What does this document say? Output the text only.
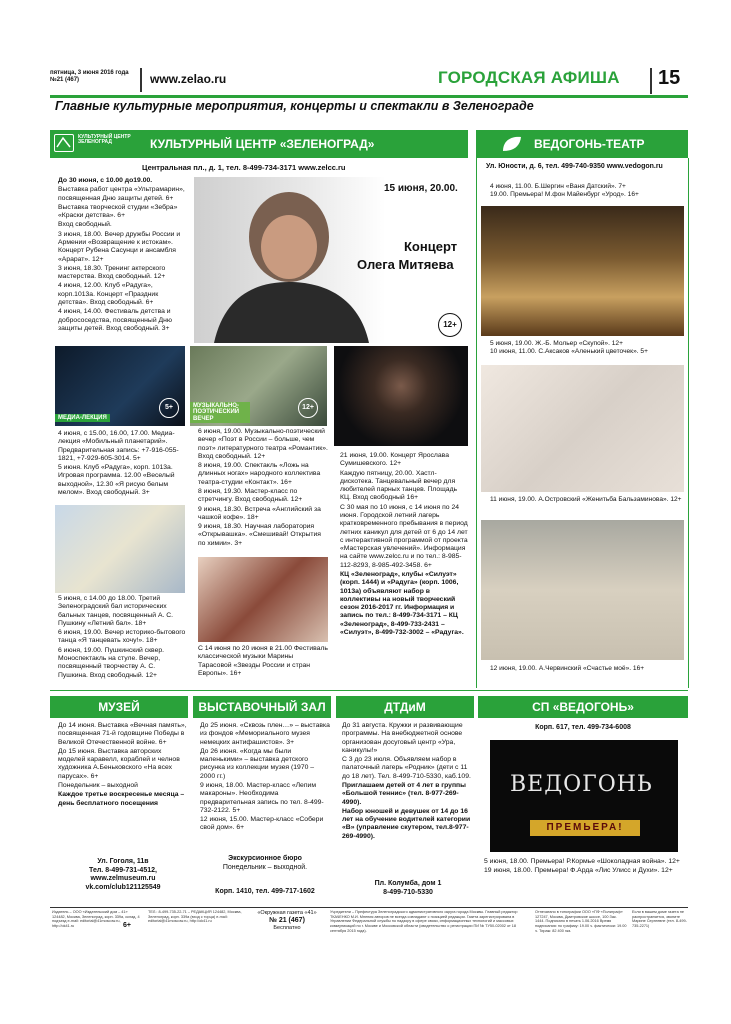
пятница, 3 июня 2016 года
№21 (467)	www.zelao.ru	ГОРОДСКАЯ АФИША 15
Главные культурные мероприятия, концерты и спектакли в Зеленограде
КУЛЬТУРНЫЙ ЦЕНТР ЗЕЛЕНОГРАД	КУЛЬТУРНЫЙ ЦЕНТР «ЗЕЛЕНОГРАД»	ВЕДОГОНЬ-ТЕАТР
Центральная пл., д. 1, тел. 8-499-734-3171 www.zelcc.ru	Ул. Юности, д. 6, тел. 499-740-9350 www.vedogon.ru

До 30 июня, с 10.00 до19.00.

Выставка работ центра «Ультрамарин», посвященная Дню защиты детей. 6+

Выставка творческой студии «Зебра» «Краски детства». 6+

Вход свободный.

3 июня, 18.00. Вечер дружбы России и Армении «Возвращение к истокам». Концерт Рубена Сасунци и ансамбля «Арарат». 12+

3 июня, 18.30. Тренинг актерского мастерства. Вход свободный. 12+

4 июня, 12.00. Клуб «Радуга», корп.1013а. Концерт «Праздник детства». Вход свободный. 6+

4 июня, 14.00. Фестиваль детства и добрососедства, посвященный Дню защиты детей. Вход свободный. 3+

15 июня, 20.00.
Концерт
Олега Митяева
12+
МЕДИА-ЛЕКЦИЯ
5+	МУЗЫКАЛЬНО-ПОЭТИЧЕСКИЙ ВЕЧЕР
12+

4 июня, с 15.00, 16.00, 17.00. Медиа-лекция «Мобильный планетарий». Предварительная запись: +7-916-055-1821, +7-929-605-3014. 5+

5 июня. Клуб «Радуга», корп. 1013а. Игровая программа. 12.00 «Веселый выходной», 12.30 «Я рисую белым мелом». Вход свободный. 3+

5 июня, с 14.00 до 18.00. Третий Зеленоградский бал исторических бальных танцев, посвященный А. С. Пушкину «Летний бал». 18+

6 июня, 19.00. Вечер историко-бытового танца «Я танцевать хочу!». 18+

6 июня, 19.00. Пушкинский сквер. Моноспектакль на стуле. Вечер, посвященный творчеству А. С. Пушкина. Вход свободный. 12+

6 июня, 19.00. Музыкально-поэтический вечер «Поэт в России – больше, чем поэт» литературного театра «Романтик». Вход свободный. 12+

8 июня, 19.00. Спектакль «Ложь на длинных ногах» народного коллектива театра-студии «Контакт». 16+

8 июня, 19.30. Мастер-класс по стретчингу. Вход свободный. 12+

9 июня, 18.30. Встреча «Английский за чашкой кофе». 18+

9 июня, 18.30. Научная лаборатория «Открывашка». «Смешивай! Открытия по химии». 3+

С 14 июня по 20 июня в 21.00 Фестиваль классической музыки Марины Тарасовой «Звезды России и стран Европы». 16+

21 июня, 19.00. Концерт Ярослава Сумишевского. 12+

Каждую пятницу, 20.00. Хастл-дискотека. Танцевальный вечер для любителей парных танцев. Площадь КЦ. Вход свободный 16+

С 30 мая по 10 июня, с 14 июня по 24 июня. Городской летний лагерь кратковременного пребывания в период летних каникул для детей от 6 до 14 лет с интерактивной программой от проекта «Мастерская увлечений». Информация на сайте www.zelcc.ru и по тел.: 8-985-112-8293, 8-985-492-3458. 6+

КЦ «Зеленоград», клубы «Силуэт» (корп. 1444) и «Радуга» (корп. 1006, 1013а) объявляют набор в коллективы на новый творческий сезон 2016-2017 гг. Информация и запись по тел.: 8-499-734-3171 – КЦ «Зеленоград», 8-499-733-2431 – «Силуэт», 8-499-732-3002 – «Радуга».

4 июня, 11.00. Б.Шергин «Ваня Датский». 7+
19.00. Премьера! М.фон Майенбург «Урод». 16+
5 июня, 19.00. Ж.-Б. Мольер «Скупой». 12+
10 июня, 11.00. С.Аксаков «Аленький цветочек». 5+
11 июня, 19.00. А.Островский «Женитьба Бальзаминова». 12+
12 июня, 19.00. А.Червинский «Счастье моё». 16+
МУЗЕЙ

До 14 июня. Выставка «Вечная память», посвященная 71-й годовщине Победы в Великой Отечественной войне. 6+

До 15 июня. Выставка авторских моделей каравелл, кораблей и челнов художника А.Беньковского «На всех парусах». 6+

Понедельник – выходной

Каждое третье воскресенье месяца – день бесплатного посещения

Ул. Гоголя, 11в
Тел. 8-499-731-4512,
www.zelmuseum.ru
vk.com/club121125549
ВЫСТАВОЧНЫЙ ЗАЛ

До 25 июня. «Сквозь плен…» – выставка из фондов «Мемориального музея немецких антифашистов». 3+

До 26 июня. «Когда мы были маленькими» – выставка детского рисунка из коллекции музея (1970 – 2000 гг.)

9 июня, 18.00. Мастер-класс «Лепим макароны». Необходима предварительная запись по тел. 8-499-732-2122. 5+

12 июня, 15.00. Мастер-класс «Собери свой дом». 6+

Экскурсионное бюро
Понедельник – выходной.
Корп. 1410, тел. 499-717-1602
ДТДиМ

До 31 августа. Кружки и развивающие программы. На внебюджетной основе организован досуговый центр «Ура, каникулы!»

С 3 до 23 июля. Объявляем набор в палаточный лагерь «Родник» (дети с 11 до 18 лет). Тел. 8-499-710-5330, каб.109.

Приглашаем детей от 4 лет в группы «Большой теннис» (тел. 8-977-269-4990).

Набор юношей и девушек от 14 до 16 лет на обучение водителей категории «В» (управление скутером, тел.8-977-269-4990).

Пл. Колумба, дом 1
8-499-710-5330
СП «ВЕДОГОНЬ»
Корп. 617, тел. 499-734-6008
ВЕДОГОНЬ
ПРЕМЬЕРА!

5 июня, 18.00. Премьера! Р.Кормье «Шоколадная война». 12+

19 июня, 18.00. Премьера! Ф.Арда «Лис Улисс и Духи». 12+

Издатель – ООО «Издательский дом – 41» 124482, Москва, Зеленоград, корп. 339а, склад, 4 подъезд e-mail: editorial@41moscow.ru, http://ok41.ru	6+
ТЕЛ.: 8-499-735-22-71 – РЕДАКЦИЯ 124482, Москва, Зеленоград, корп. 339а (вход с торца) e-mail: editorial@41moscow.ru, http://ok41.ru
«Окружная газета «41»
№ 21 (467)
Бесплатно
Учредители – Префектура Зеленоградского административного округа города Москвы. Главный редактор ТКАЧЕНКО М.И. Мнения авторов не всегда совпадают с позицией редакции. Газета зарегистрирована в Управлении Федеральной службы по надзору в сфере связи, информационных технологий и массовых коммуникаций по г. Москве и Московской области (свидетельство о регистрации ПИ № ТУ50-02002 от 18 сентября 2015 года).
Отпечатано в типографии ООО «ПФ «Полиграф» 127247, Москва, Дмитровское шоссе, 100 Зак. 1444. Подписано в печать 1.06.2016 Время подписания: по графику: 19.00 ч. фактически: 19.00 ч. Тираж: 82 400 экз.
Если в вашем доме газета не распространяется, звоните Марине Сергеевне (тел. 8-499-735-2271)
